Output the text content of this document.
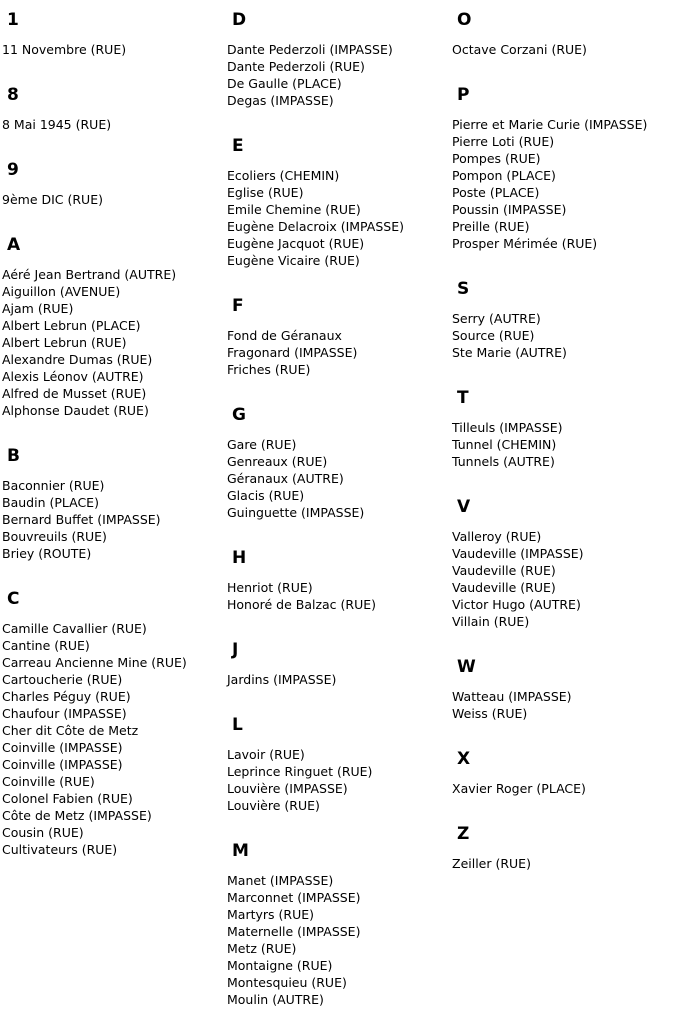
1
11 Novembre (RUE)
8
8 Mai 1945 (RUE)
9
9ème DIC (RUE)
A
Aéré Jean Bertrand (AUTRE)
Aiguillon (AVENUE)
Ajam (RUE)
Albert Lebrun (PLACE)
Albert Lebrun (RUE)
Alexandre Dumas (RUE)
Alexis Léonov (AUTRE)
Alfred de Musset (RUE)
Alphonse Daudet (RUE)
B
Baconnier (RUE)
Baudin (PLACE)
Bernard Buffet (IMPASSE)
Bouvreuils (RUE)
Briey (ROUTE)
C
Camille Cavallier (RUE)
Cantine (RUE)
Carreau Ancienne Mine (RUE)
Cartoucherie (RUE)
Charles Péguy (RUE)
Chaufour (IMPASSE)
Cher dit Côte de Metz
Coinville (IMPASSE)
Coinville (IMPASSE)
Coinville (RUE)
Colonel Fabien (RUE)
Côte de Metz (IMPASSE)
Cousin (RUE)
Cultivateurs (RUE)
D
Dante Pederzoli (IMPASSE)
Dante Pederzoli (RUE)
De Gaulle (PLACE)
Degas (IMPASSE)
E
Ecoliers (CHEMIN)
Eglise (RUE)
Emile Chemine (RUE)
Eugène Delacroix (IMPASSE)
Eugène Jacquot (RUE)
Eugène Vicaire (RUE)
F
Fond de Géranaux
Fragonard (IMPASSE)
Friches (RUE)
G
Gare (RUE)
Genreaux (RUE)
Géranaux (AUTRE)
Glacis (RUE)
Guinguette (IMPASSE)
H
Henriot (RUE)
Honoré de Balzac (RUE)
J
Jardins (IMPASSE)
L
Lavoir (RUE)
Leprince Ringuet (RUE)
Louvière (IMPASSE)
Louvière (RUE)
M
Manet (IMPASSE)
Marconnet (IMPASSE)
Martyrs (RUE)
Maternelle (IMPASSE)
Metz (RUE)
Montaigne (RUE)
Montesquieu (RUE)
Moulin (AUTRE)
O
Octave Corzani (RUE)
P
Pierre et Marie Curie (IMPASSE)
Pierre Loti (RUE)
Pompes (RUE)
Pompon (PLACE)
Poste (PLACE)
Poussin (IMPASSE)
Preille (RUE)
Prosper Mérimée (RUE)
S
Serry (AUTRE)
Source (RUE)
Ste Marie (AUTRE)
T
Tilleuls (IMPASSE)
Tunnel (CHEMIN)
Tunnels (AUTRE)
V
Valleroy (RUE)
Vaudeville (IMPASSE)
Vaudeville (RUE)
Vaudeville (RUE)
Victor Hugo (AUTRE)
Villain (RUE)
W
Watteau (IMPASSE)
Weiss (RUE)
X
Xavier Roger (PLACE)
Z
Zeiller (RUE)
